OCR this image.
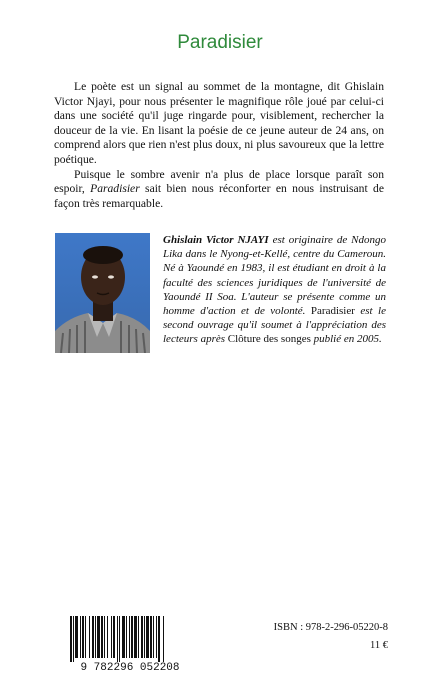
Paradisier

Le poète est un signal au sommet de la montagne, dit Ghislain Victor Njayi, pour nous présenter le magnifique rôle joué par celui-ci dans une société qu'il juge ringarde pour, visiblement, rechercher la douceur de la vie. En lisant la poésie de ce jeune auteur de 24 ans, on comprend alors que rien n'est plus doux, ni plus savoureux que la lettre poétique.

Puisque le sombre avenir n'a plus de place lorsque paraît son espoir, Paradisier sait bien nous réconforter en nous instruisant de façon très remarquable.

Ghislain Victor NJAYI est originaire de Ndongo Lika dans le Nyong-et-Kellé, centre du Cameroun. Né à Yaoundé en 1983, il est étudiant en droit à la faculté des sciences juridiques de l'université de Yaoundé II Soa. L'auteur se présente comme un homme d'action et de volonté. Paradisier est le second ouvrage qu'il soumet à l'appréciation des lecteurs après Clôture des songes publié en 2005.
9 782296 052208
ISBN : 978-2-296-05220-8
11 €
